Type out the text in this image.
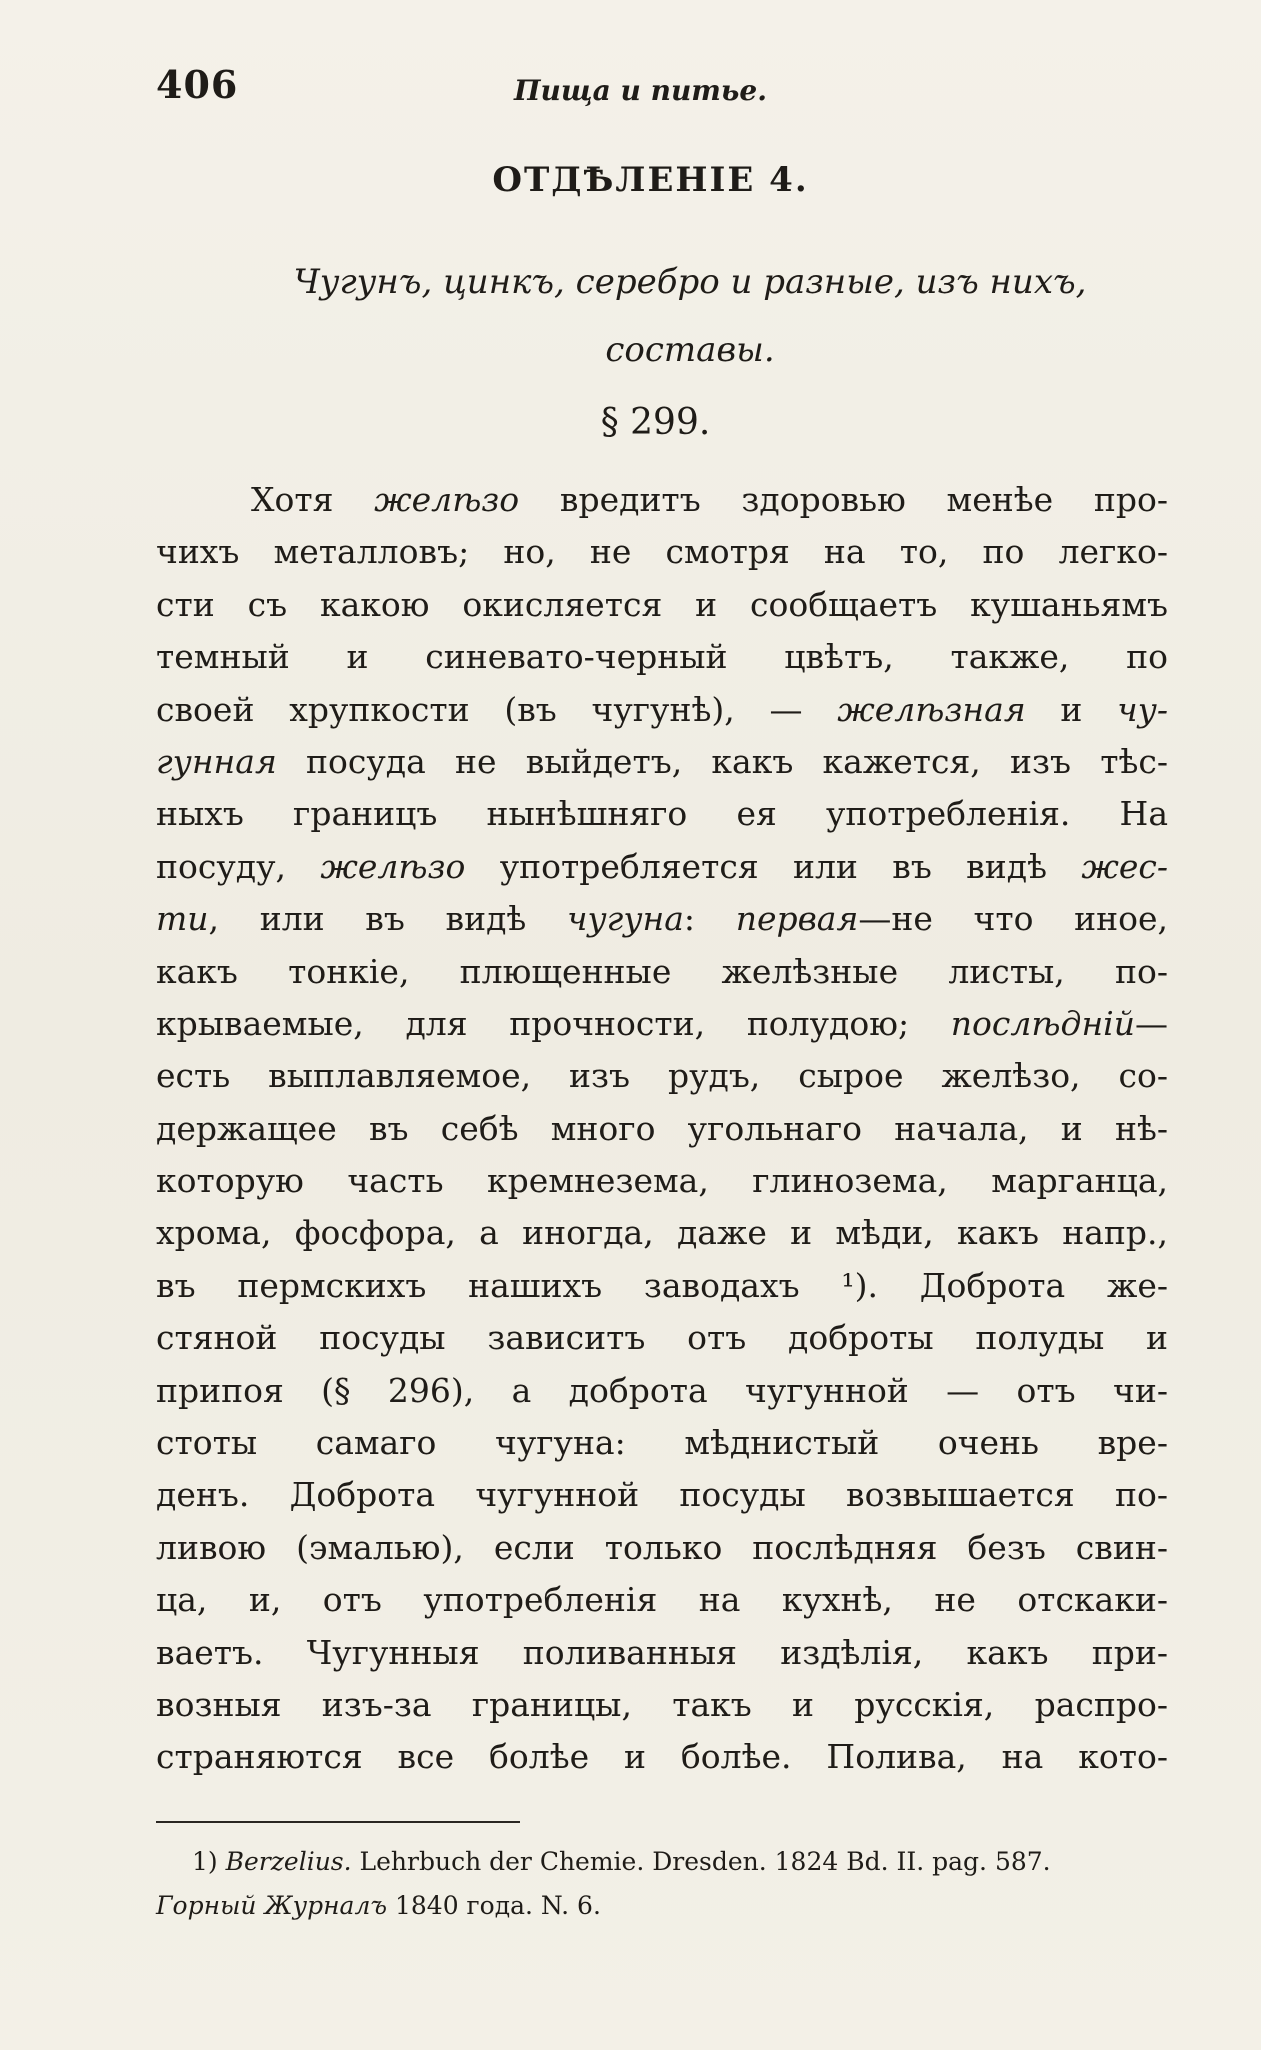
406	Пища и питье.
ОТДѢЛЕНІЕ 4.
Чугунъ, цинкъ, серебро и разные, изъ нихъ,
составы.
§ 299.
Хотя желѣзо вредитъ здоровью менѣе про-
чихъ металловъ; но, не смотря на то, по легко-
сти съ какою окисляется и сообщаетъ кушаньямъ
темный и синевато-черный цвѣтъ, также, по
своей хрупкости (въ чугунѣ), — желѣзная и чу-
гунная посуда не выйдетъ, какъ кажется, изъ тѣс-
ныхъ границъ нынѣшняго ея употребленія. На
посуду, желѣзо употребляется или въ видѣ жес-
ти, или въ видѣ чугуна: первая—не что иное,
какъ тонкіе, плющенные желѣзные листы, по-
крываемые, для прочности, полудою; послѣдній—
есть выплавляемое, изъ рудъ, сырое желѣзо, со-
держащее въ себѣ много угольнаго начала, и нѣ-
которую часть кремнезема, глинозема, марганца,
хрома, фосфора, а иногда, даже и мѣди, какъ напр.,
въ пермскихъ нашихъ заводахъ ¹). Доброта же-
стяной посуды зависитъ отъ доброты полуды и
припоя (§ 296), а доброта чугунной — отъ чи-
стоты самаго чугуна: мѣднистый очень вре-
денъ. Доброта чугунной посуды возвышается по-
ливою (эмалью), если только послѣдняя безъ свин-
ца, и, отъ употребленія на кухнѣ, не отскаки-
ваетъ. Чугунныя поливанныя издѣлія, какъ при-
возныя изъ-за границы, такъ и русскія, распро-
страняются все болѣе и болѣе. Полива, на кото-
1) Berzelius. Lehrbuch der Chemie. Dresden. 1824 Bd. II. pag. 587.
Горный Журналъ 1840 года. N. 6.
